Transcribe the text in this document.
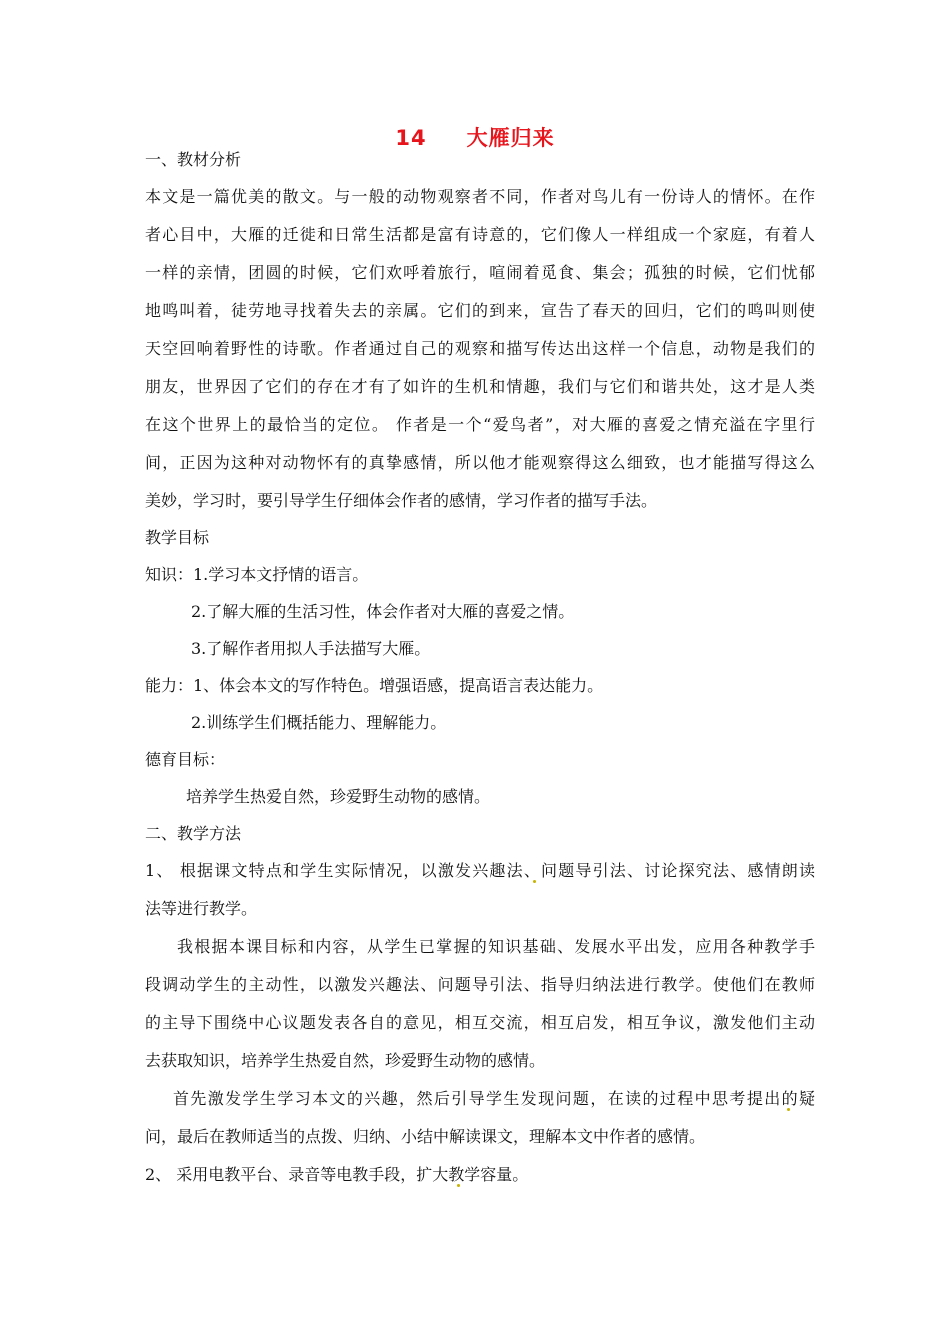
14 大雁归来
一、教材分析
本文是一篇优美的散文。与一般的动物观察者不同，作者对鸟儿有一份诗人的情怀。在作
者心目中，大雁的迁徙和日常生活都是富有诗意的，它们像人一样组成一个家庭，有着人
一样的亲情，团圆的时候，它们欢呼着旅行，喧闹着觅食、集会；孤独的时候，它们忧郁
地鸣叫着，徒劳地寻找着失去的亲属。它们的到来，宣告了春天的回归，它们的鸣叫则使
天空回响着野性的诗歌。作者通过自己的观察和描写传达出这样一个信息，动物是我们的
朋友，世界因了它们的存在才有了如许的生机和情趣，我们与它们和谐共处，这才是人类
在这个世界上的最恰当的定位。 作者是一个“爱鸟者”，对大雁的喜爱之情充溢在字里行
间，正因为这种对动物怀有的真挚感情，所以他才能观察得这么细致，也才能描写得这么
美妙，学习时，要引导学生仔细体会作者的感情，学习作者的描写手法。
教学目标
知识：1.学习本文抒情的语言。
2.了解大雁的生活习性，体会作者对大雁的喜爱之情。
3.了解作者用拟人手法描写大雁。
能力：1、体会本文的写作特色。增强语感，提高语言表达能力。
2.训练学生们概括能力、理解能力。
德育目标：
培养学生热爱自然，珍爱野生动物的感情。
二、教学方法
1、 根据课文特点和学生实际情况，以激发兴趣法、问题导引法、讨论探究法、感情朗读
法等进行教学。
我根据本课目标和内容，从学生已掌握的知识基础、发展水平出发，应用各种教学手
段调动学生的主动性，以激发兴趣法、问题导引法、指导归纳法进行教学。使他们在教师
的主导下围绕中心议题发表各自的意见，相互交流，相互启发，相互争议，激发他们主动
去获取知识，培养学生热爱自然，珍爱野生动物的感情。
首先激发学生学习本文的兴趣，然后引导学生发现问题，在读的过程中思考提出的疑
问，最后在教师适当的点拨、归纳、小结中解读课文，理解本文中作者的感情。
2、 采用电教平台、录音等电教手段，扩大教学容量。
